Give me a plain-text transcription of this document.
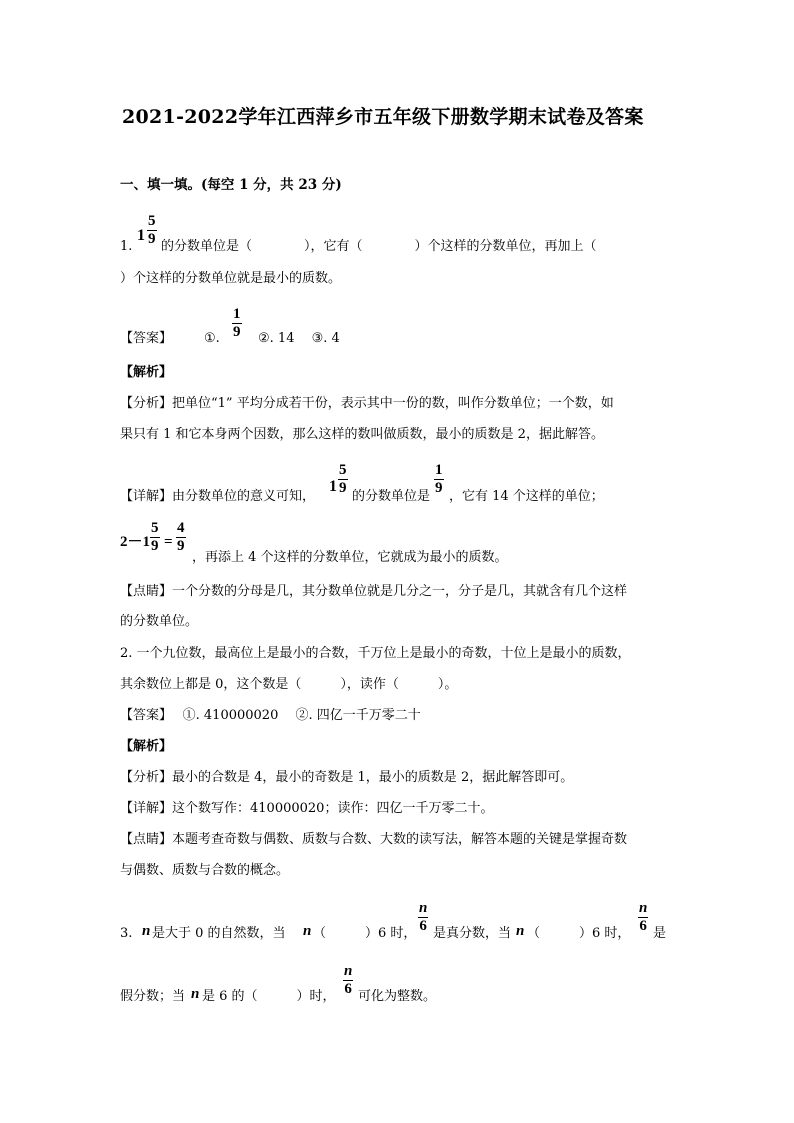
2021-2022学年江西萍乡市五年级下册数学期末试卷及答案
一、填一填。(每空 1 分，共 23 分)
1.
1
5
9 的分数单位是（　　　　），它有（　　　　）个这样的分数单位，再加上（
）个这样的分数单位就是最小的质数。
【答案】 ①.
1
9 ②. 14　 ③. 4
【解析】
【分析】把单位“1” 平均分成若干份，表示其中一份的数，叫作分数单位；一个数，如
果只有 1 和它本身两个因数，那么这样的数叫做质数，最小的质数是 2，据此解答。
【详解】由分数单位的意义可知，
1
5
9
的分数单位是
1
9
，它有 14 个这样的单位；
2－1
5
9 =
4
9
，再添上 4 个这样的分数单位，它就成为最小的质数。
【点睛】一个分数的分母是几，其分数单位就是几分之一，分子是几，其就含有几个这样
的分数单位。
2. 一个九位数，最高位上是最小的合数，千万位上是最小的奇数，十位上是最小的质数，
其余数位上都是 0，这个数是（　　　），读作（　　　）。
【答案】　 ①. 410000020　 ②. 四亿一千万零二十
【解析】
【分析】最小的合数是 4，最小的奇数是 1，最小的质数是 2，据此解答即可。
【详解】这个数写作：410000020；读作：四亿一千万零二十。
【点睛】本题考查奇数与偶数、质数与合数、大数的读写法，解答本题的关键是掌握奇数
与偶数、质数与合数的概念。
3. n 是大于 0 的自然数，当 n （　　　）6 时，
n
6 是真分数，当 n （　　　）6 时，
n
6 是
假分数；当 n 是 6 的（　　　）时，
n
6 可化为整数。
